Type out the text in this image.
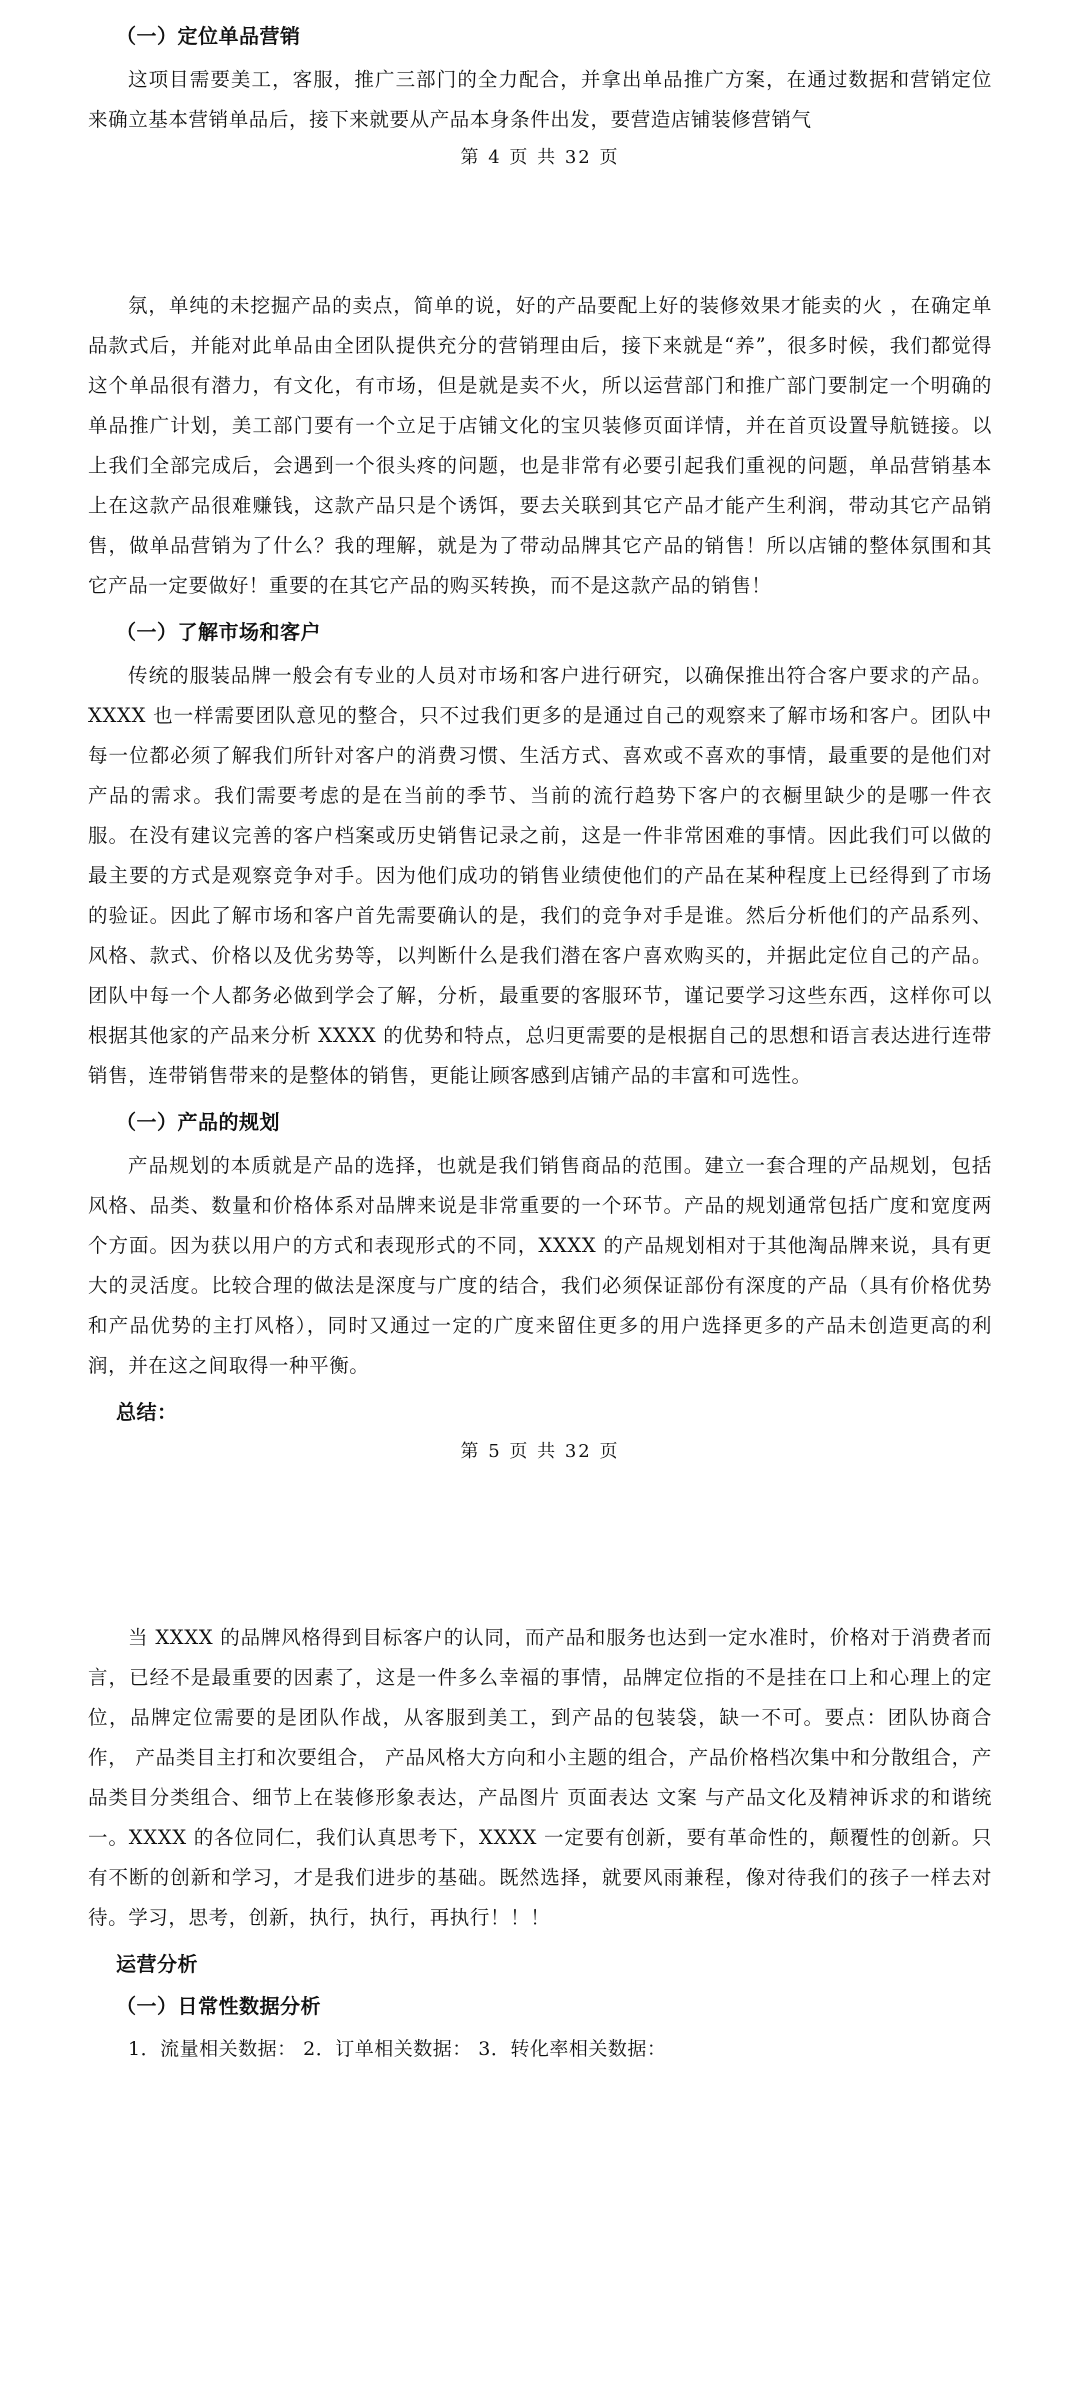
（一）定位单品营销

这项目需要美工，客服，推广三部门的全力配合，并拿出单品推广方案，在通过数据和营销定位来确立基本营销单品后，接下来就要从产品本身条件出发，要营造店铺装修营销气

第 4 页 共 32 页

氛，单纯的未挖掘产品的卖点，简单的说，好的产品要配上好的装修效果才能卖的火 ，在确定单品款式后，并能对此单品由全团队提供充分的营销理由后，接下来就是“养”，很多时候，我们都觉得这个单品很有潜力，有文化，有市场，但是就是卖不火，所以运营部门和推广部门要制定一个明确的单品推广计划，美工部门要有一个立足于店铺文化的宝贝装修页面详情，并在首页设置导航链接。以上我们全部完成后，会遇到一个很头疼的问题，也是非常有必要引起我们重视的问题，单品营销基本上在这款产品很难赚钱，这款产品只是个诱饵，要去关联到其它产品才能产生利润，带动其它产品销售，做单品营销为了什么？我的理解，就是为了带动品牌其它产品的销售！所以店铺的整体氛围和其它产品一定要做好！重要的在其它产品的购买转换，而不是这款产品的销售！

（一）了解市场和客户

传统的服装品牌一般会有专业的人员对市场和客户进行研究，以确保推出符合客户要求的产品。XXXX 也一样需要团队意见的整合，只不过我们更多的是通过自己的观察来了解市场和客户。团队中每一位都必须了解我们所针对客户的消费习惯、生活方式、喜欢或不喜欢的事情，最重要的是他们对产品的需求。我们需要考虑的是在当前的季节、当前的流行趋势下客户的衣橱里缺少的是哪一件衣服。在没有建议完善的客户档案或历史销售记录之前，这是一件非常困难的事情。因此我们可以做的最主要的方式是观察竞争对手。因为他们成功的销售业绩使他们的产品在某种程度上已经得到了市场的验证。因此了解市场和客户首先需要确认的是，我们的竞争对手是谁。然后分析他们的产品系列、风格、款式、价格以及优劣势等，以判断什么是我们潜在客户喜欢购买的，并据此定位自己的产品。团队中每一个人都务必做到学会了解，分析，最重要的客服环节，谨记要学习这些东西，这样你可以根据其他家的产品来分析 XXXX 的优势和特点，总归更需要的是根据自己的思想和语言表达进行连带销售，连带销售带来的是整体的销售，更能让顾客感到店铺产品的丰富和可选性。

（一）产品的规划

产品规划的本质就是产品的选择，也就是我们销售商品的范围。建立一套合理的产品规划，包括风格、品类、数量和价格体系对品牌来说是非常重要的一个环节。产品的规划通常包括广度和宽度两个方面。因为获以用户的方式和表现形式的不同，XXXX 的产品规划相对于其他淘品牌来说，具有更大的灵活度。比较合理的做法是深度与广度的结合，我们必须保证部份有深度的产品（具有价格优势和产品优势的主打风格），同时又通过一定的广度来留住更多的用户选择更多的产品未创造更高的利润，并在这之间取得一种平衡。

总结：
第 5 页 共 32 页

当 XXXX 的品牌风格得到目标客户的认同，而产品和服务也达到一定水准时，价格对于消费者而言，已经不是最重要的因素了，这是一件多么幸福的事情，品牌定位指的不是挂在口上和心理上的定位，品牌定位需要的是团队作战，从客服到美工，到产品的包装袋，缺一不可。要点：团队协商合作， 产品类目主打和次要组合， 产品风格大方向和小主题的组合，产品价格档次集中和分散组合，产品类目分类组合、细节上在装修形象表达，产品图片 页面表达 文案 与产品文化及精神诉求的和谐统一。XXXX 的各位同仁，我们认真思考下，XXXX 一定要有创新，要有革命性的，颠覆性的创新。只有不断的创新和学习，才是我们进步的基础。既然选择，就要风雨兼程，像对待我们的孩子一样去对待。学习，思考，创新，执行，执行，再执行！！！

运营分析
（一）日常性数据分析

1．流量相关数据： 2．订单相关数据： 3．转化率相关数据：
